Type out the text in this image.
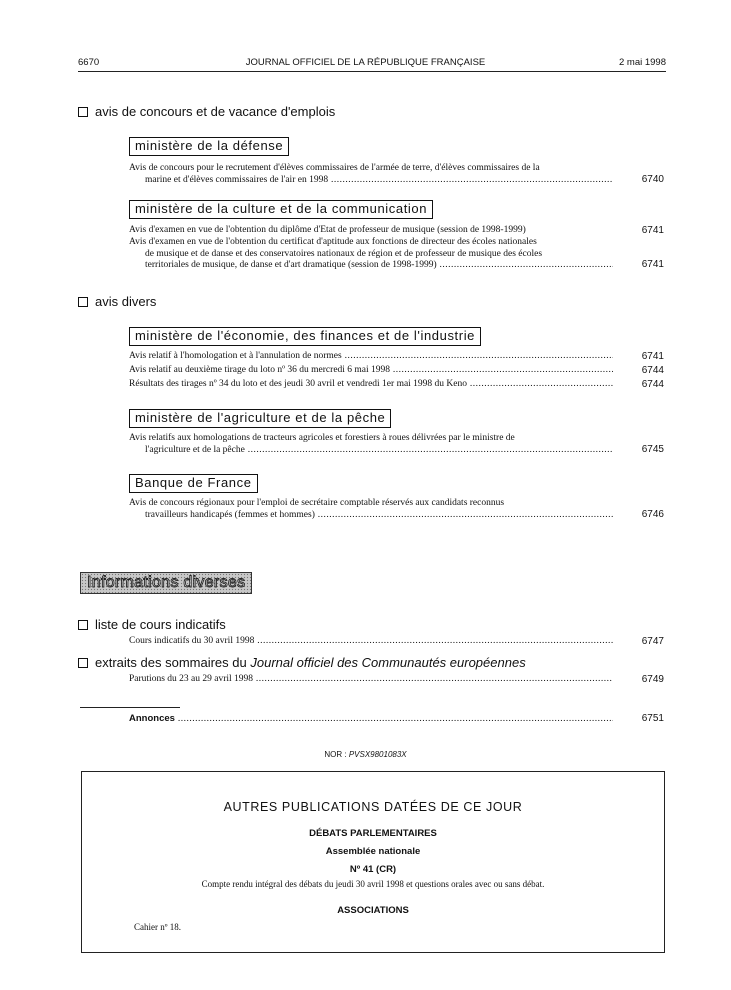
6670	JOURNAL OFFICIEL DE LA RÉPUBLIQUE FRANÇAISE	2 mai 1998
avis de concours et de vacance d'emplois
ministère de la défense
Avis de concours pour le recrutement d'élèves commissaires de l'armée de terre, d'élèves commissaires de la
marine et d'élèves commissaires de l'air en 1998 .....	6740
ministère de la culture et de la communication
Avis d'examen en vue de l'obtention du diplôme d'Etat de professeur de musique (session de 1998-1999)	6741
Avis d'examen en vue de l'obtention du certificat d'aptitude aux fonctions de directeur des écoles nationales
de musique et de danse et des conservatoires nationaux de région et de professeur de musique des écoles
territoriales de musique, de danse et d'art dramatique (session de 1998-1999) .....	6741
avis divers
ministère de l'économie, des finances et de l'industrie
Avis relatif à l'homologation et à l'annulation de normes .....	6741
Avis relatif au deuxième tirage du loto nº 36 du mercredi 6 mai 1998 .....	6744
Résultats des tirages nº 34 du loto et des jeudi 30 avril et vendredi 1er mai 1998 du Keno .....	6744
ministère de l'agriculture et de la pêche
Avis relatifs aux homologations de tracteurs agricoles et forestiers à roues délivrées par le ministre de
l'agriculture et de la pêche .....	6745
Banque de France
Avis de concours régionaux pour l'emploi de secrétaire comptable réservés aux candidats reconnus
travailleurs handicapés (femmes et hommes) .....	6746
Informations diverses
liste de cours indicatifs
Cours indicatifs du 30 avril 1998 .....	6747
extraits des sommaires du Journal officiel des Communautés européennes
Parutions du 23 au 29 avril 1998 .....	6749
Annonces .....	6751
NOR : PVSX9801083X
AUTRES PUBLICATIONS DATÉES DE CE JOUR
DÉBATS PARLEMENTAIRES
Assemblée nationale
Nº 41 (CR)
Compte rendu intégral des débats du jeudi 30 avril 1998 et questions orales avec ou sans débat.
ASSOCIATIONS
Cahier nº 18.
